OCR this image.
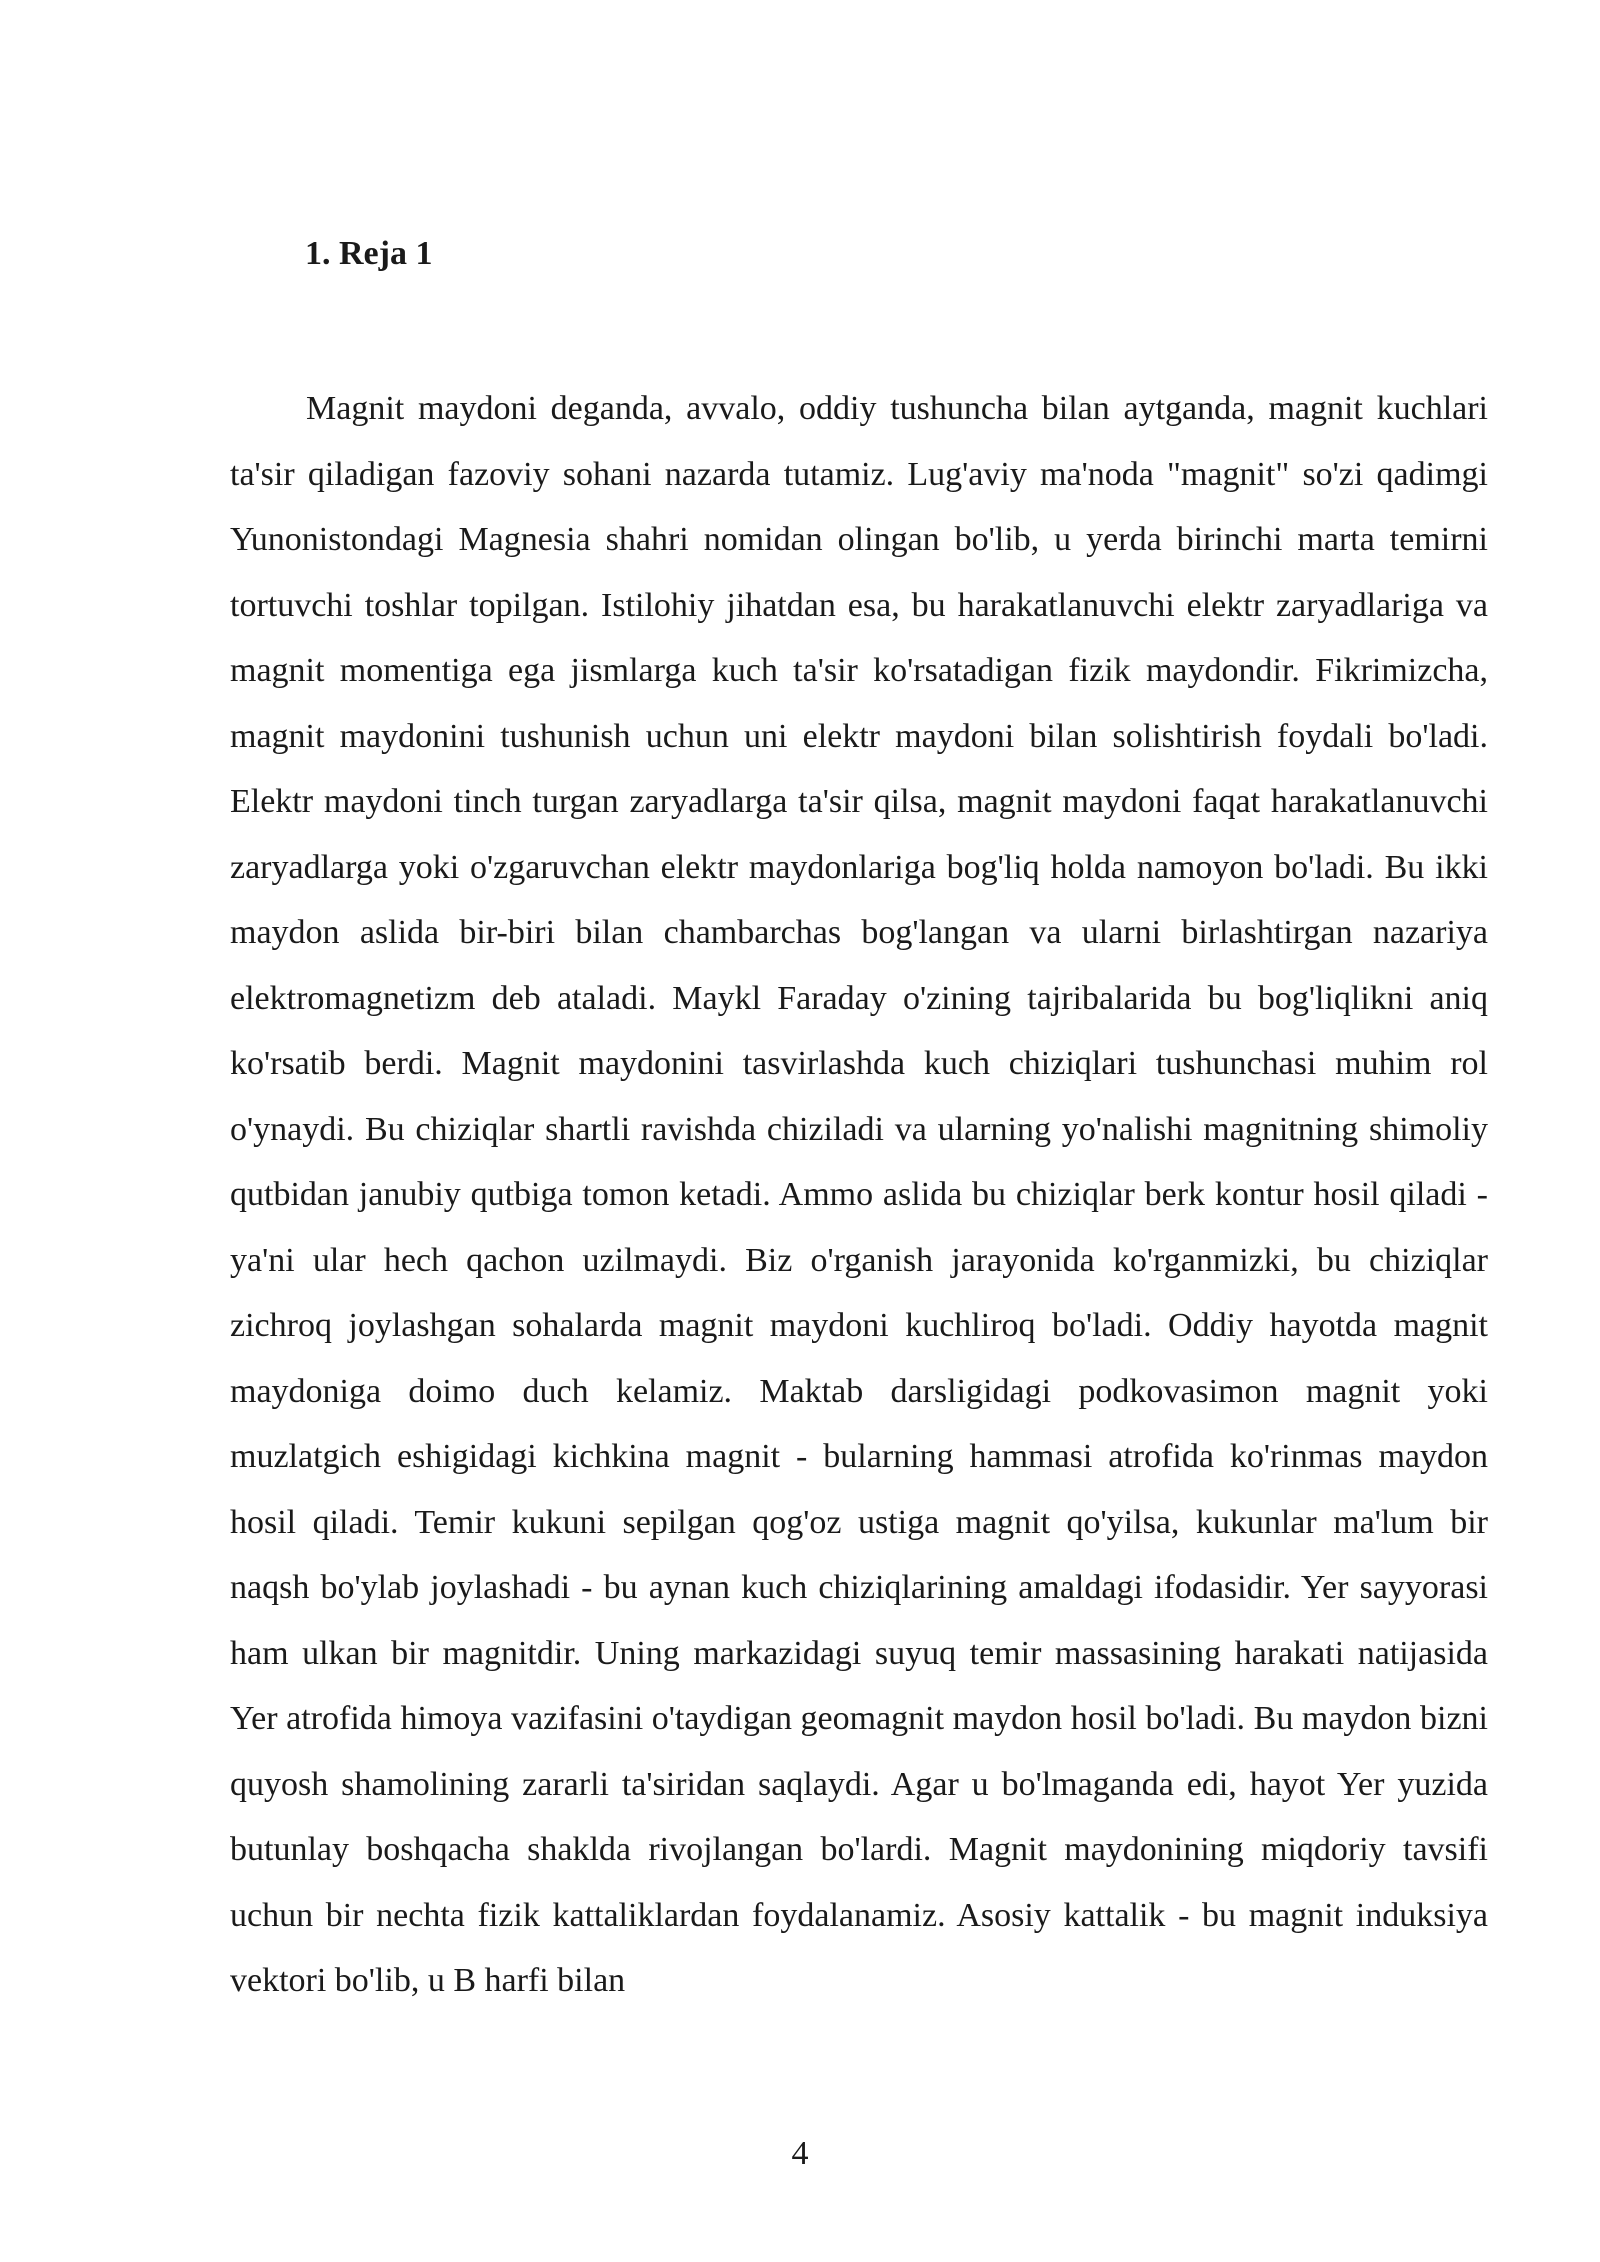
1. Reja 1

Magnit maydoni deganda, avvalo, oddiy tushuncha bilan aytganda, magnit kuchlari ta'sir qiladigan fazoviy sohani nazarda tutamiz. Lug'aviy ma'noda "magnit" so'zi qadimgi Yunonistondagi Magnesia shahri nomidan olingan bo'lib, u yerda birinchi marta temirni tortuvchi toshlar topilgan. Istilohiy jihatdan esa, bu harakatlanuvchi elektr zaryadlariga va magnit momentiga ega jismlarga kuch ta'sir ko'rsatadigan fizik maydondir. Fikrimizcha, magnit maydonini tushunish uchun uni elektr maydoni bilan solishtirish foydali bo'ladi. Elektr maydoni tinch turgan zaryadlarga ta'sir qilsa, magnit maydoni faqat harakatlanuvchi zaryadlarga yoki o'zgaruvchan elektr maydonlariga bog'liq holda namoyon bo'ladi. Bu ikki maydon aslida bir-biri bilan chambarchas bog'langan va ularni birlashtirgan nazariya elektromagnetizm deb ataladi. Maykl Faraday o'zining tajribalarida bu bog'liqlikni aniq ko'rsatib berdi. Magnit maydonini tasvirlashda kuch chiziqlari tushunchasi muhim rol o'ynaydi. Bu chiziqlar shartli ravishda chiziladi va ularning yo'nalishi magnitning shimoliy qutbidan janubiy qutbiga tomon ketadi. Ammo aslida bu chiziqlar berk kontur hosil qiladi - ya'ni ular hech qachon uzilmaydi. Biz o'rganish jarayonida ko'rganmizki, bu chiziqlar zichroq joylashgan sohalarda magnit maydoni kuchliroq bo'ladi. Oddiy hayotda magnit maydoniga doimo duch kelamiz. Maktab darsligidagi podkovasimon magnit yoki muzlatgich eshigidagi kichkina magnit - bularning hammasi atrofida ko'rinmas maydon hosil qiladi. Temir kukuni sepilgan qog'oz ustiga magnit qo'yilsa, kukunlar ma'lum bir naqsh bo'ylab joylashadi - bu aynan kuch chiziqlarining amaldagi ifodasidir. Yer sayyorasi ham ulkan bir magnitdir. Uning markazidagi suyuq temir massasining harakati natijasida Yer atrofida himoya vazifasini o'taydigan geomagnit maydon hosil bo'ladi. Bu maydon bizni quyosh shamolining zararli ta'siridan saqlaydi. Agar u bo'lmaganda edi, hayot Yer yuzida butunlay boshqacha shaklda rivojlangan bo'lardi. Magnit maydonining miqdoriy tavsifi uchun bir nechta fizik kattaliklardan foydalanamiz. Asosiy kattalik - bu magnit induksiya vektori bo'lib, u B harfi bilan

4
